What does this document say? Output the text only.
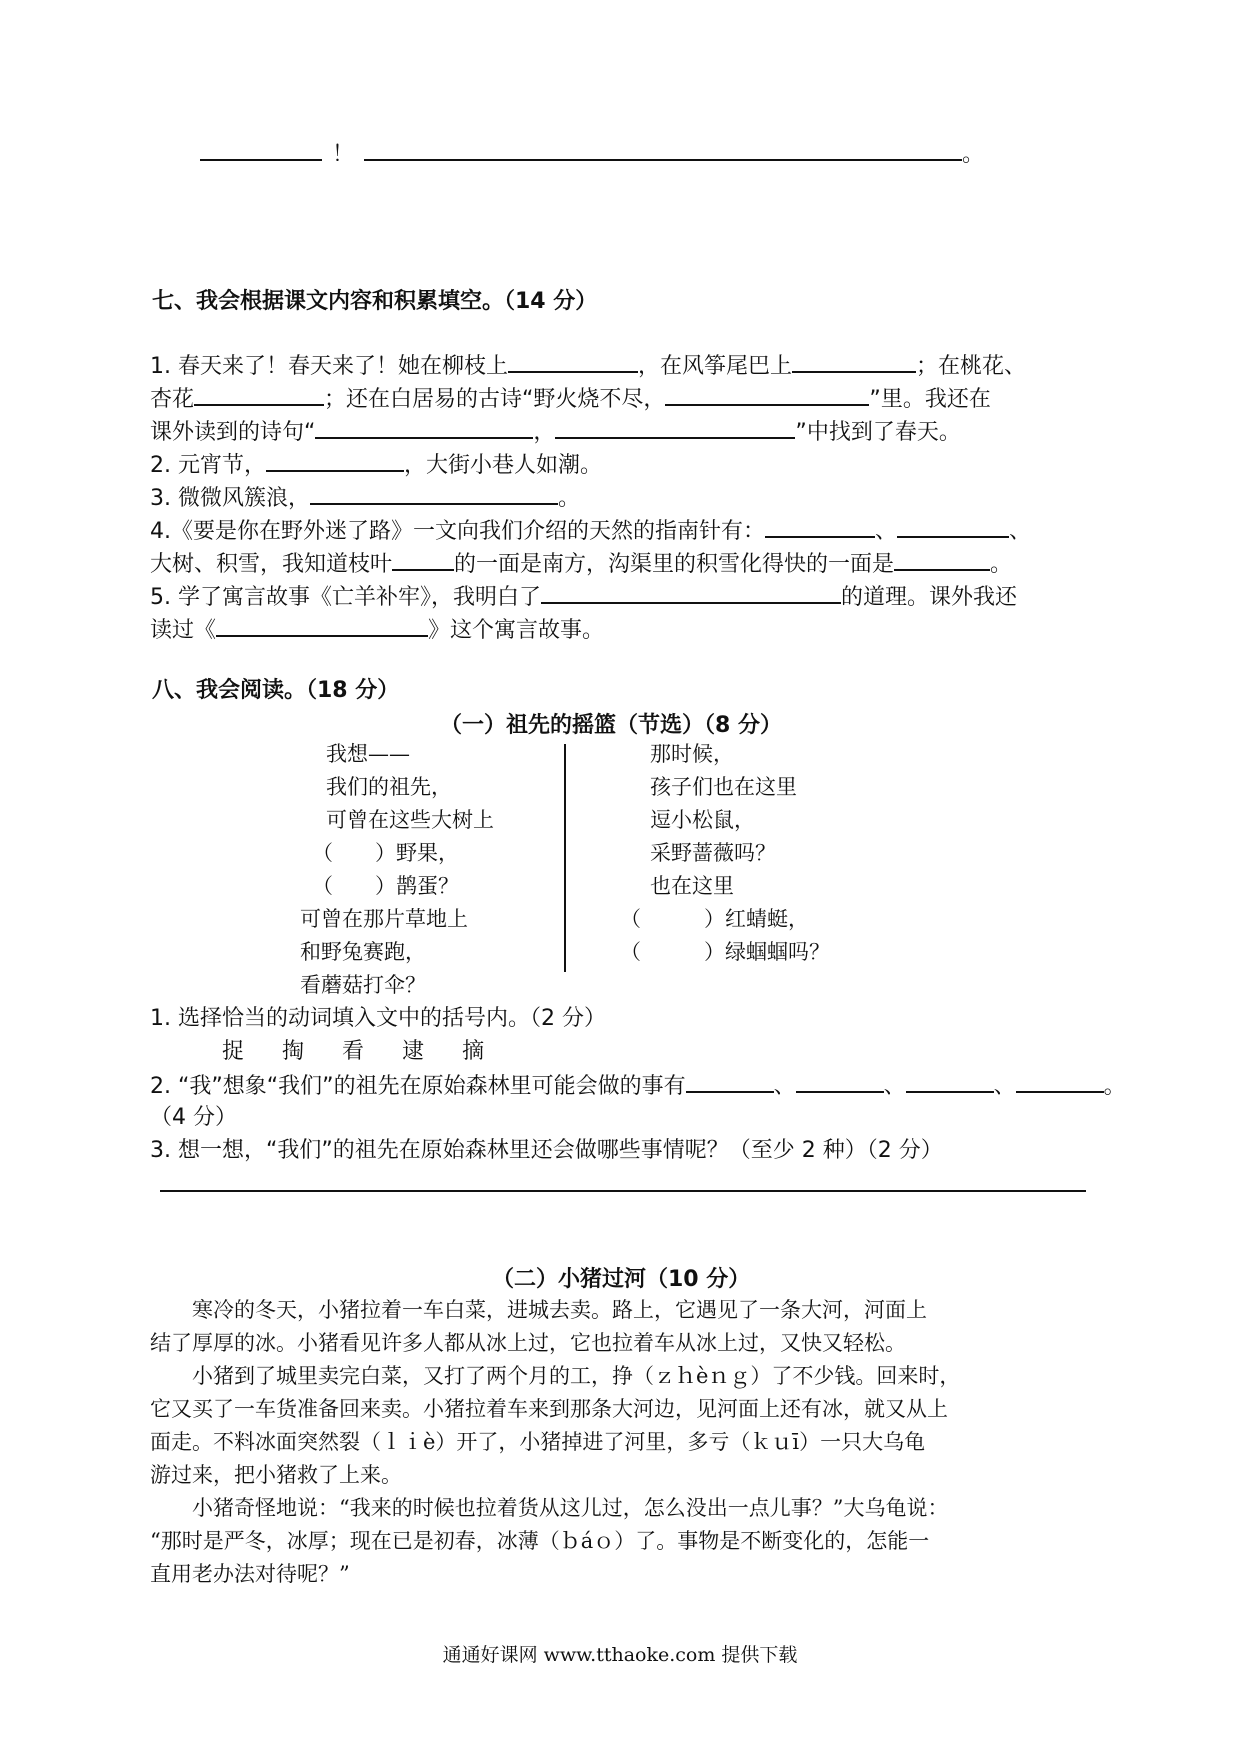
！	。
七、我会根据课文内容和积累填空。（14 分）
1. 春天来了！春天来了！她在柳枝上	，在风筝尾巴上	；在桃花、
杏花	；还在白居易的古诗“野火烧不尽，	”里。我还在
课外读到的诗句“	，	”中找到了春天。
2. 元宵节，	，大街小巷人如潮。
3. 微微风簇浪，	。
4.《要是你在野外迷了路》一文向我们介绍的天然的指南针有：	、	、
大树、积雪，我知道枝叶	的一面是南方，沟渠里的积雪化得快的一面是	。
5. 学了寓言故事《亡羊补牢》，我明白了	的道理。课外我还
读过《	》这个寓言故事。
八、我会阅读。（18 分）
（一）祖先的摇篮（节选）（8 分）
我想——
我们的祖先，
可曾在这些大树上
（　　）野果，
（　　）鹊蛋？
可曾在那片草地上
和野兔赛跑，
看蘑菇打伞？
那时候，
孩子们也在这里
逗小松鼠，
采野蔷薇吗？
也在这里
（　　　）红蜻蜓，
（　　　）绿蝈蝈吗？
1. 选择恰当的动词填入文中的括号内。（2 分）
捉 掏 看 逮 摘
2. “我”想象“我们”的祖先在原始森林里可能会做的事有	、	、	、	。
（4 分）
3. 想一想，“我们”的祖先在原始森林里还会做哪些事情呢？（至少 2 种）（2 分）
（二）小猪过河（10 分）
　　寒冷的冬天，小猪拉着一车白菜，进城去卖。路上，它遇见了一条大河，河面上
结了厚厚的冰。小猪看见许多人都从冰上过，它也拉着车从冰上过，又快又轻松。
　　小猪到了城里卖完白菜，又打了两个月的工，挣（ｚｈèｎｇ）了不少钱。回来时，
它又买了一车货准备回来卖。小猪拉着车来到那条大河边，见河面上还有冰，就又从上
面走。不料冰面突然裂（ｌｉè）开了，小猪掉进了河里，多亏（ｋｕī）一只大乌龟
游过来，把小猪救了上来。
　　小猪奇怪地说：“我来的时候也拉着货从这儿过，怎么没出一点儿事？”大乌龟说：
“那时是严冬，冰厚；现在已是初春，冰薄（ｂáｏ）了。事物是不断变化的，怎能一
直用老办法对待呢？”
通通好课网 www.tthaoke.com 提供下载
